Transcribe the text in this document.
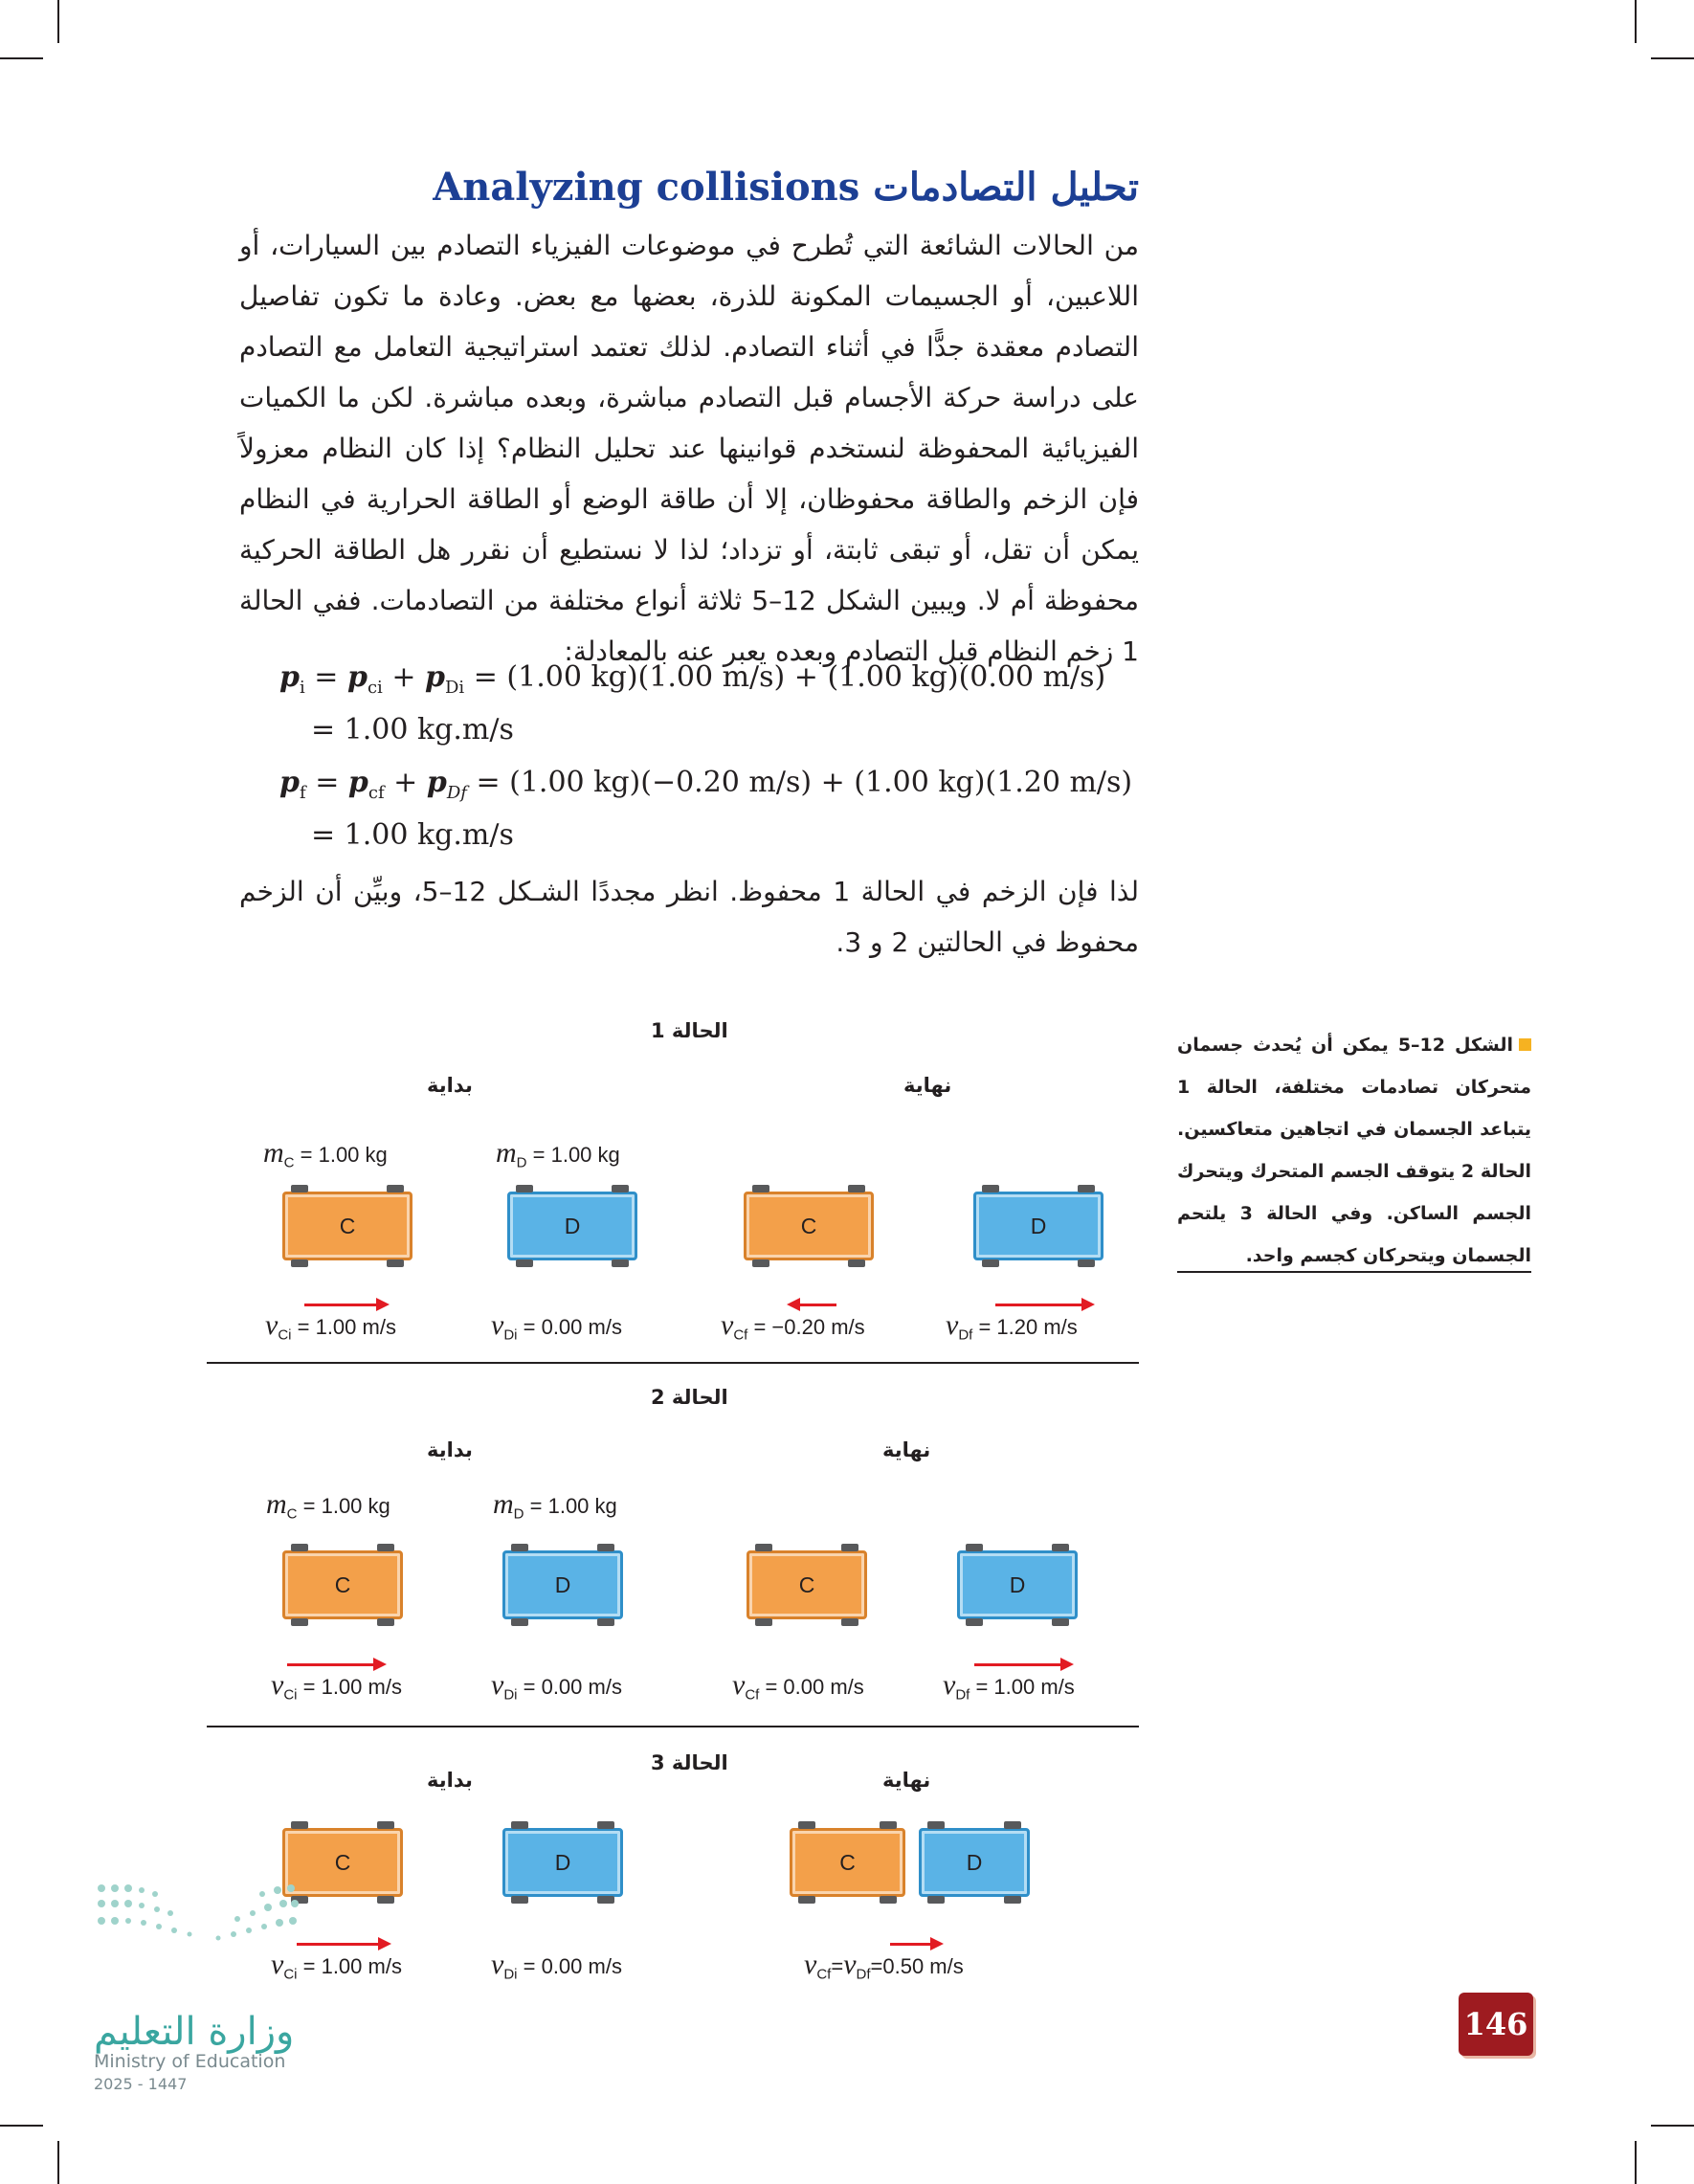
تحليل التصادمات Analyzing collisions
من الحالات الشائعة التي تُطرح في موضوعات الفيزياء التصادم بين السيارات، أو اللاعبين، أو الجسيمات المكونة للذرة، بعضها مع بعض. وعادة ما تكون تفاصيل التصادم معقدة جدًّا في أثناء التصادم. لذلك تعتمد استراتيجية التعامل مع التصادم على دراسة حركة الأجسام قبل التصادم مباشرة، وبعده مباشرة. لكن ما الكميات الفيزيائية المحفوظة لنستخدم قوانينها عند تحليل النظام؟ إذا كان النظام معزولاً فإن الزخم والطاقة محفوظان، إلا أن طاقة الوضع أو الطاقة الحرارية في النظام يمكن أن تقل، أو تبقى ثابتة، أو تزداد؛ لذا لا نستطيع أن نقرر هل الطاقة الحركية محفوظة أم لا. ويبين الشكل 12–5 ثلاثة أنواع مختلفة من التصادمات. ففي الحالة 1 زخم النظام قبل التصادم وبعده يعبر عنه بالمعادلة:
$p_i = p_{ci} + p_{Di} = (1.00$ kg)(1.00 m/s) + (1.00 kg)(0.00 m/s)
= 1.00 kg.m/s
$p_f = p_{cf} + p_{Df} = (1.00$ kg)(−0.20 m/s) + (1.00 kg)(1.20 m/s)
= 1.00 kg.m/s
لذا فإن الزخم في الحالة 1 محفوظ. انظر مجددًا الشـكل 12–5، وبيِّن أن الزخم محفوظ في الحالتين 2 و 3.
الحالة 1
بداية	نهاية
$m_C = 1.00$ kg	$m_D = 1.00$ kg
C	D	C	D
$v_{Ci} = 1.00$ m/s	$v_{Di} = 0.00$ m/s	$v_{Cf} = -0.20$ m/s	$v_{Df} = 1.20$ m/s
الحالة 2
بداية	نهاية
$m_C = 1.00$ kg	$m_D = 1.00$ kg
C	D	C	D
$v_{Ci} = 1.00$ m/s	$v_{Di} = 0.00$ m/s	$v_{Cf} = 0.00$ m/s	$v_{Df} = 1.00$ m/s
الحالة 3
بداية	نهاية
C	D	C	D
$v_{Ci} = 1.00$ m/s	$v_{Di} = 0.00$ m/s	$v_{Cf}=v_{Df}=0.50$ m/s
الشكل 12–5 يمكن أن يُحدث جسمان متحركان تصادمات مختلفة، الحالة 1 يتباعد الجسمان في اتجاهين متعاكسين. الحالة 2 يتوقف الجسم المتحرك ويتحرك الجسم الساكن. وفي الحالة 3 يلتحم الجسمان ويتحركان كجسم واحد.
146
وزارة التعليم
Ministry of Education
2025 - 1447
